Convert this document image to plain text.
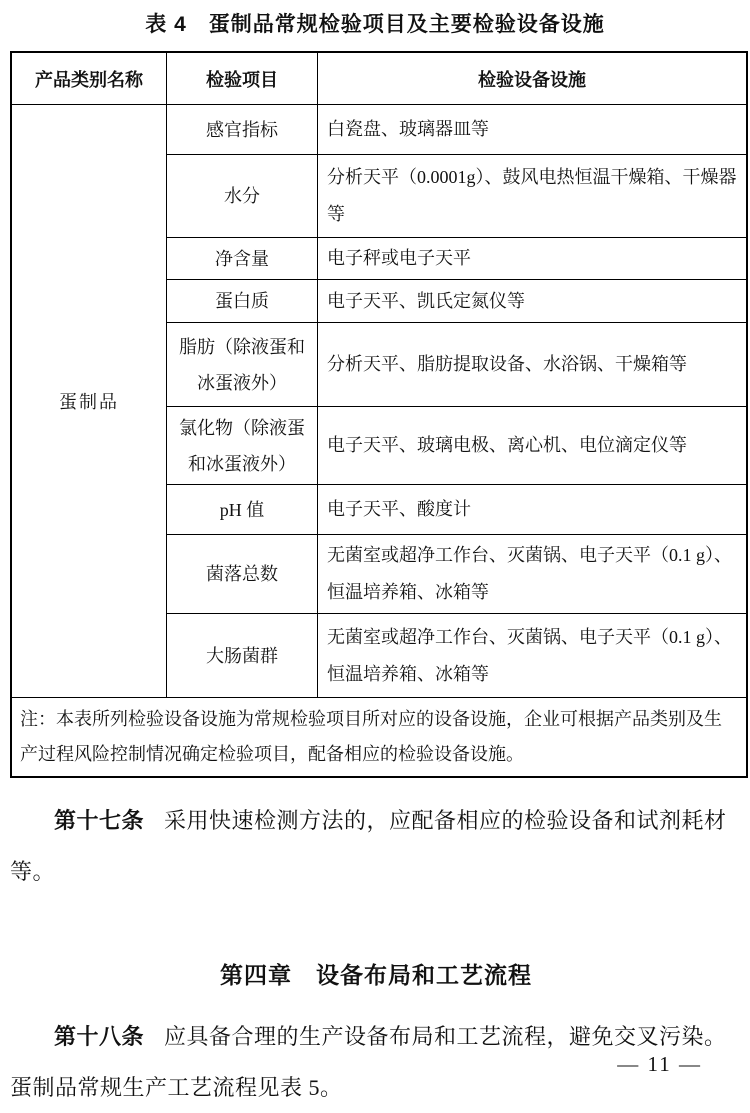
表 4　蛋制品常规检验项目及主要检验设备设施
产品类别名称	检验项目	检验设备设施
蛋制品	感官指标	白瓷盘、玻璃器皿等
	水分	分析天平（0.0001g）、鼓风电热恒温干燥箱、干燥器等
	净含量	电子秤或电子天平
	蛋白质	电子天平、凯氏定氮仪等
	脂肪（除液蛋和冰蛋液外）	分析天平、脂肪提取设备、水浴锅、干燥箱等
	氯化物（除液蛋和冰蛋液外）	电子天平、玻璃电极、离心机、电位滴定仪等
	pH 值	电子天平、酸度计
	菌落总数	无菌室或超净工作台、灭菌锅、电子天平（0.1 g）、恒温培养箱、冰箱等
	大肠菌群	无菌室或超净工作台、灭菌锅、电子天平（0.1 g）、恒温培养箱、冰箱等
注：本表所列检验设备设施为常规检验项目所对应的设备设施，企业可根据产品类别及生产过程风险控制情况确定检验项目，配备相应的检验设备设施。		

第十七条 采用快速检测方法的，应配备相应的检验设备和试剂耗材等。

第四章　设备布局和工艺流程

第十八条 应具备合理的生产设备布局和工艺流程，避免交叉污染。蛋制品常规生产工艺流程见表 5。

— 11 —
